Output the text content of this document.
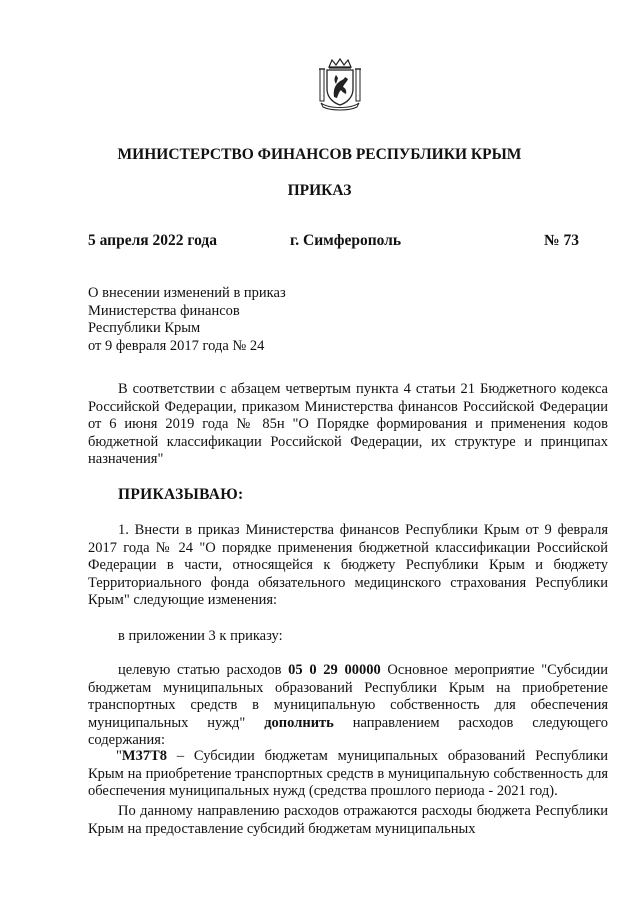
МИНИСТЕРСТВО ФИНАНСОВ РЕСПУБЛИКИ КРЫМ
ПРИКАЗ
5 апреля 2022 года	г. Симферополь	№ 73
О внесении изменений в приказ
Министерства финансов
Республики Крым
от 9 февраля 2017 года № 24
В соответствии с абзацем четвертым пункта 4 статьи 21 Бюджетного кодекса Российской Федерации, приказом Министерства финансов Российской Федерации от 6 июня 2019 года № 85н "О Порядке формирования и применения кодов бюджетной классификации Российской Федерации, их структуре и принципах назначения"
ПРИКАЗЫВАЮ:
1. Внести в приказ Министерства финансов Республики Крым от 9 февраля 2017 года № 24 "О порядке применения бюджетной классификации Российской Федерации в части, относящейся к бюджету Республики Крым и бюджету Территориального фонда обязательного медицинского страхования Республики Крым" следующие изменения:
в приложении 3 к приказу:
целевую статью расходов 05 0 29 00000 Основное мероприятие "Субсидии бюджетам муниципальных образований Республики Крым на приобретение транспортных средств в муниципальную собственность для обеспечения муниципальных нужд" дополнить направлением расходов следующего содержания:
"М37Т8 – Субсидии бюджетам муниципальных образований Республики Крым на приобретение транспортных средств в муниципальную собственность для обеспечения муниципальных нужд (средства прошлого периода - 2021 год).
По данному направлению расходов отражаются расходы бюджета Республики Крым на предоставление субсидий бюджетам муниципальных
